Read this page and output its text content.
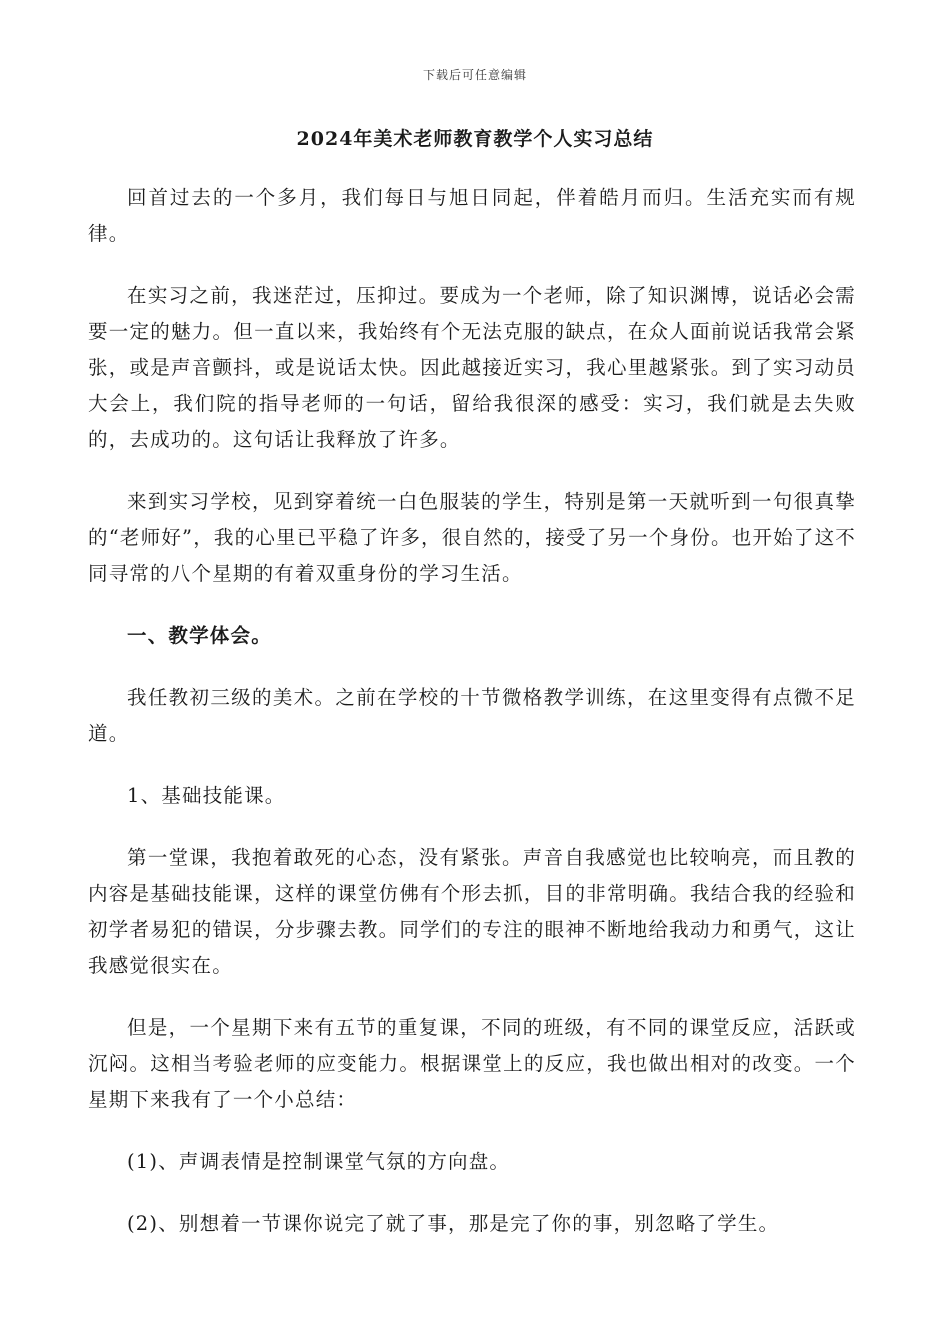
下载后可任意编辑
2024年美术老师教育教学个人实习总结

回首过去的一个多月，我们每日与旭日同起，伴着皓月而归。生活充实而有规律。

在实习之前，我迷茫过，压抑过。要成为一个老师，除了知识渊博，说话必会需要一定的魅力。但一直以来，我始终有个无法克服的缺点，在众人面前说话我常会紧张，或是声音颤抖，或是说话太快。因此越接近实习，我心里越紧张。到了实习动员大会上，我们院的指导老师的一句话，留给我很深的感受：实习，我们就是去失败的，去成功的。这句话让我释放了许多。

来到实习学校，见到穿着统一白色服装的学生，特别是第一天就听到一句很真挚的“老师好”，我的心里已平稳了许多，很自然的，接受了另一个身份。也开始了这不同寻常的八个星期的有着双重身份的学习生活。

一、教学体会。

我任教初三级的美术。之前在学校的十节微格教学训练，在这里变得有点微不足道。

1、基础技能课。

第一堂课，我抱着敢死的心态，没有紧张。声音自我感觉也比较响亮，而且教的内容是基础技能课，这样的课堂仿佛有个形去抓，目的非常明确。我结合我的经验和初学者易犯的错误，分步骤去教。同学们的专注的眼神不断地给我动力和勇气，这让我感觉很实在。

但是，一个星期下来有五节的重复课，不同的班级，有不同的课堂反应，活跃或沉闷。这相当考验老师的应变能力。根据课堂上的反应，我也做出相对的改变。一个星期下来我有了一个小总结：

(1)、声调表情是控制课堂气氛的方向盘。

(2)、别想着一节课你说完了就了事，那是完了你的事，别忽略了学生。
